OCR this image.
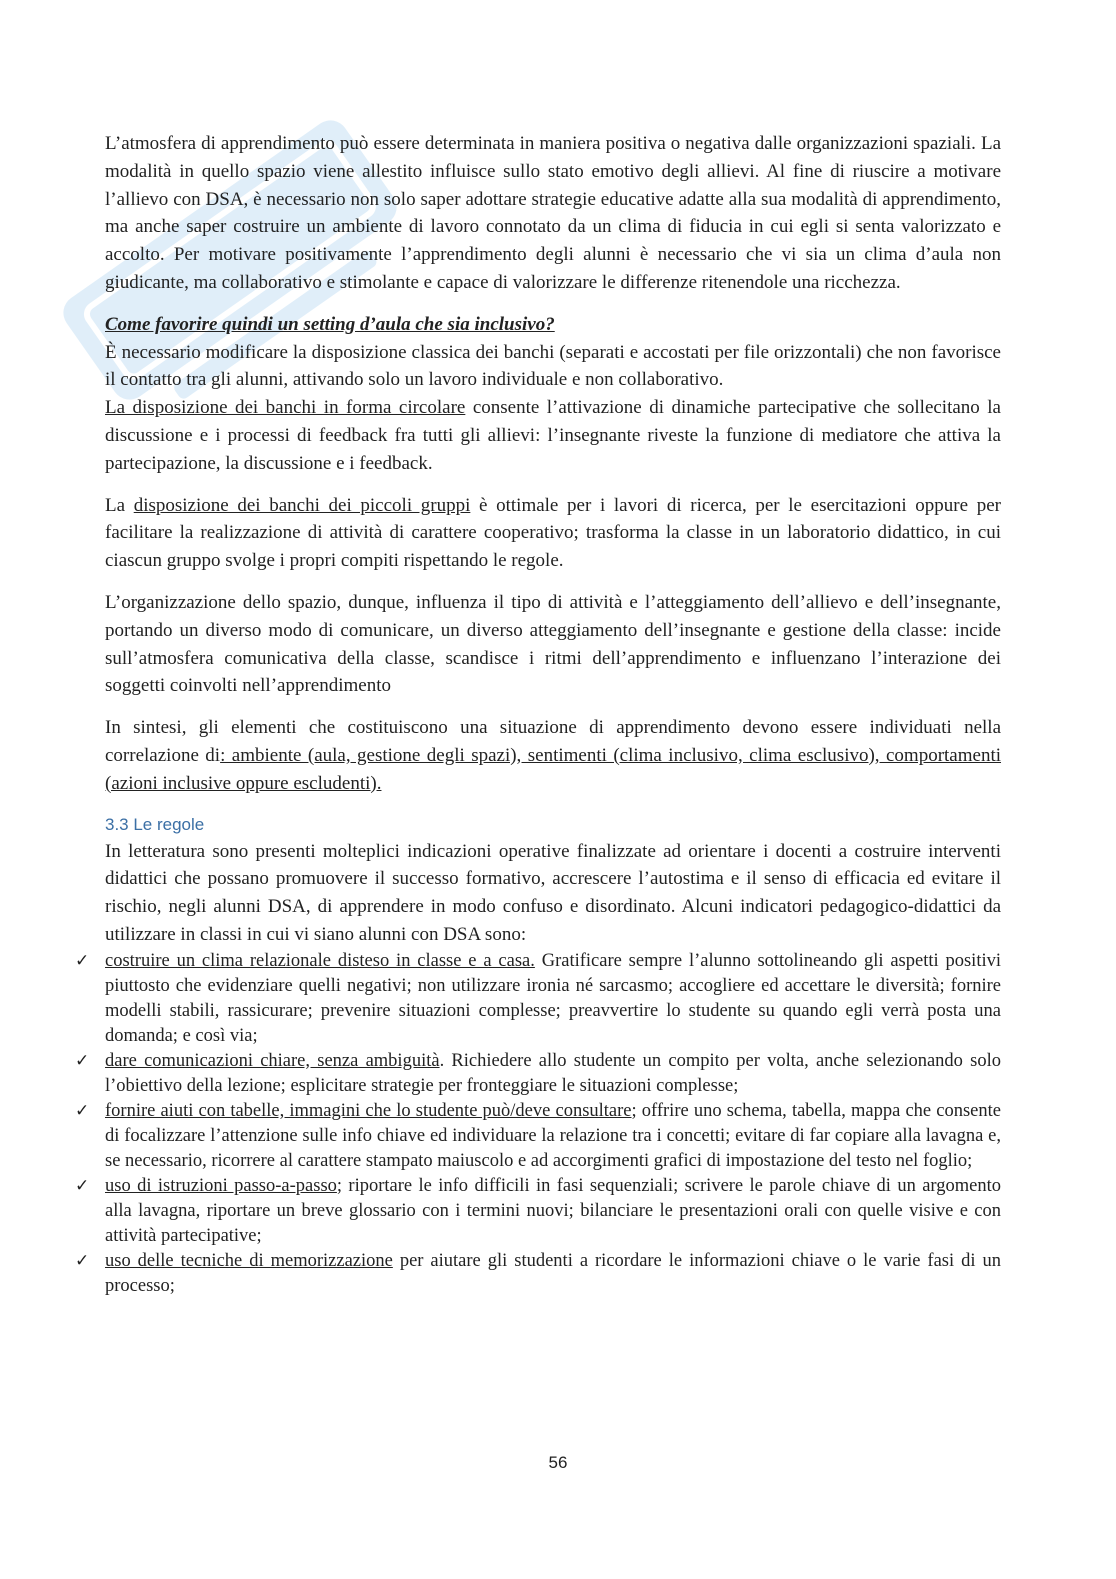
L’atmosfera di apprendimento può essere determinata in maniera positiva o negativa dalle organizzazioni spaziali. La modalità in quello spazio viene allestito influisce sullo stato emotivo degli allievi. Al fine di riuscire a motivare l’allievo con DSA, è necessario non solo saper adottare strategie educative adatte alla sua modalità di apprendimento, ma anche saper costruire un ambiente di lavoro connotato da un clima di fiducia in cui egli si senta valorizzato e accolto. Per motivare positivamente l’apprendimento degli alunni è necessario che vi sia un clima d’aula non giudicante, ma collaborativo e stimolante e capace di valorizzare le differenze ritenendole una ricchezza.

Come favorire quindi un setting d’aula che sia inclusivo?

È necessario modificare la disposizione classica dei banchi (separati e accostati per file orizzontali) che non favorisce il contatto tra gli alunni, attivando solo un lavoro individuale e non collaborativo.
La disposizione dei banchi in forma circolare consente l’attivazione di dinamiche partecipative che sollecitano la discussione e i processi di feedback fra tutti gli allievi: l’insegnante riveste la funzione di mediatore che attiva la partecipazione, la discussione e i feedback.

La disposizione dei banchi dei piccoli gruppi è ottimale per i lavori di ricerca, per le esercitazioni oppure per facilitare la realizzazione di attività di carattere cooperativo; trasforma la classe in un laboratorio didattico, in cui ciascun gruppo svolge i propri compiti rispettando le regole.

L’organizzazione dello spazio, dunque, influenza il tipo di attività e l’atteggiamento dell’allievo e dell’insegnante, portando un diverso modo di comunicare, un diverso atteggiamento dell’insegnante e gestione della classe: incide sull’atmosfera comunicativa della classe, scandisce i ritmi dell’apprendimento e influenzano l’interazione dei soggetti coinvolti nell’apprendimento

In sintesi, gli elementi che costituiscono una situazione di apprendimento devono essere individuati nella correlazione di: ambiente (aula, gestione degli spazi), sentimenti (clima inclusivo, clima esclusivo), comportamenti (azioni inclusive oppure escludenti).

3.3 Le regole

In letteratura sono presenti molteplici indicazioni operative finalizzate ad orientare i docenti a costruire interventi didattici che possano promuovere il successo formativo, accrescere l’autostima e il senso di efficacia ed evitare il rischio, negli alunni DSA, di apprendere in modo confuso e disordinato. Alcuni indicatori pedagogico-didattici da utilizzare in classi in cui vi siano alunni con DSA sono:

✓ costruire un clima relazionale disteso in classe e a casa. Gratificare sempre l’alunno sottolineando gli aspetti positivi piuttosto che evidenziare quelli negativi; non utilizzare ironia né sarcasmo; accogliere ed accettare le diversità; fornire modelli stabili, rassicurare; prevenire situazioni complesse; preavvertire lo studente su quando egli verrà posta una domanda; e così via;
✓ dare comunicazioni chiare, senza ambiguità. Richiedere allo studente un compito per volta, anche selezionando solo l’obiettivo della lezione; esplicitare strategie per fronteggiare le situazioni complesse;
✓ fornire aiuti con tabelle, immagini che lo studente può/deve consultare; offrire uno schema, tabella, mappa che consente di focalizzare l’attenzione sulle info chiave ed individuare la relazione tra i concetti; evitare di far copiare alla lavagna e, se necessario, ricorrere al carattere stampato maiuscolo e ad accorgimenti grafici di impostazione del testo nel foglio;
✓ uso di istruzioni passo-a-passo; riportare le info difficili in fasi sequenziali; scrivere le parole chiave di un argomento alla lavagna, riportare un breve glossario con i termini nuovi; bilanciare le presentazioni orali con quelle visive e con attività partecipative;
✓ uso delle tecniche di memorizzazione per aiutare gli studenti a ricordare le informazioni chiave o le varie fasi di un processo;
56
